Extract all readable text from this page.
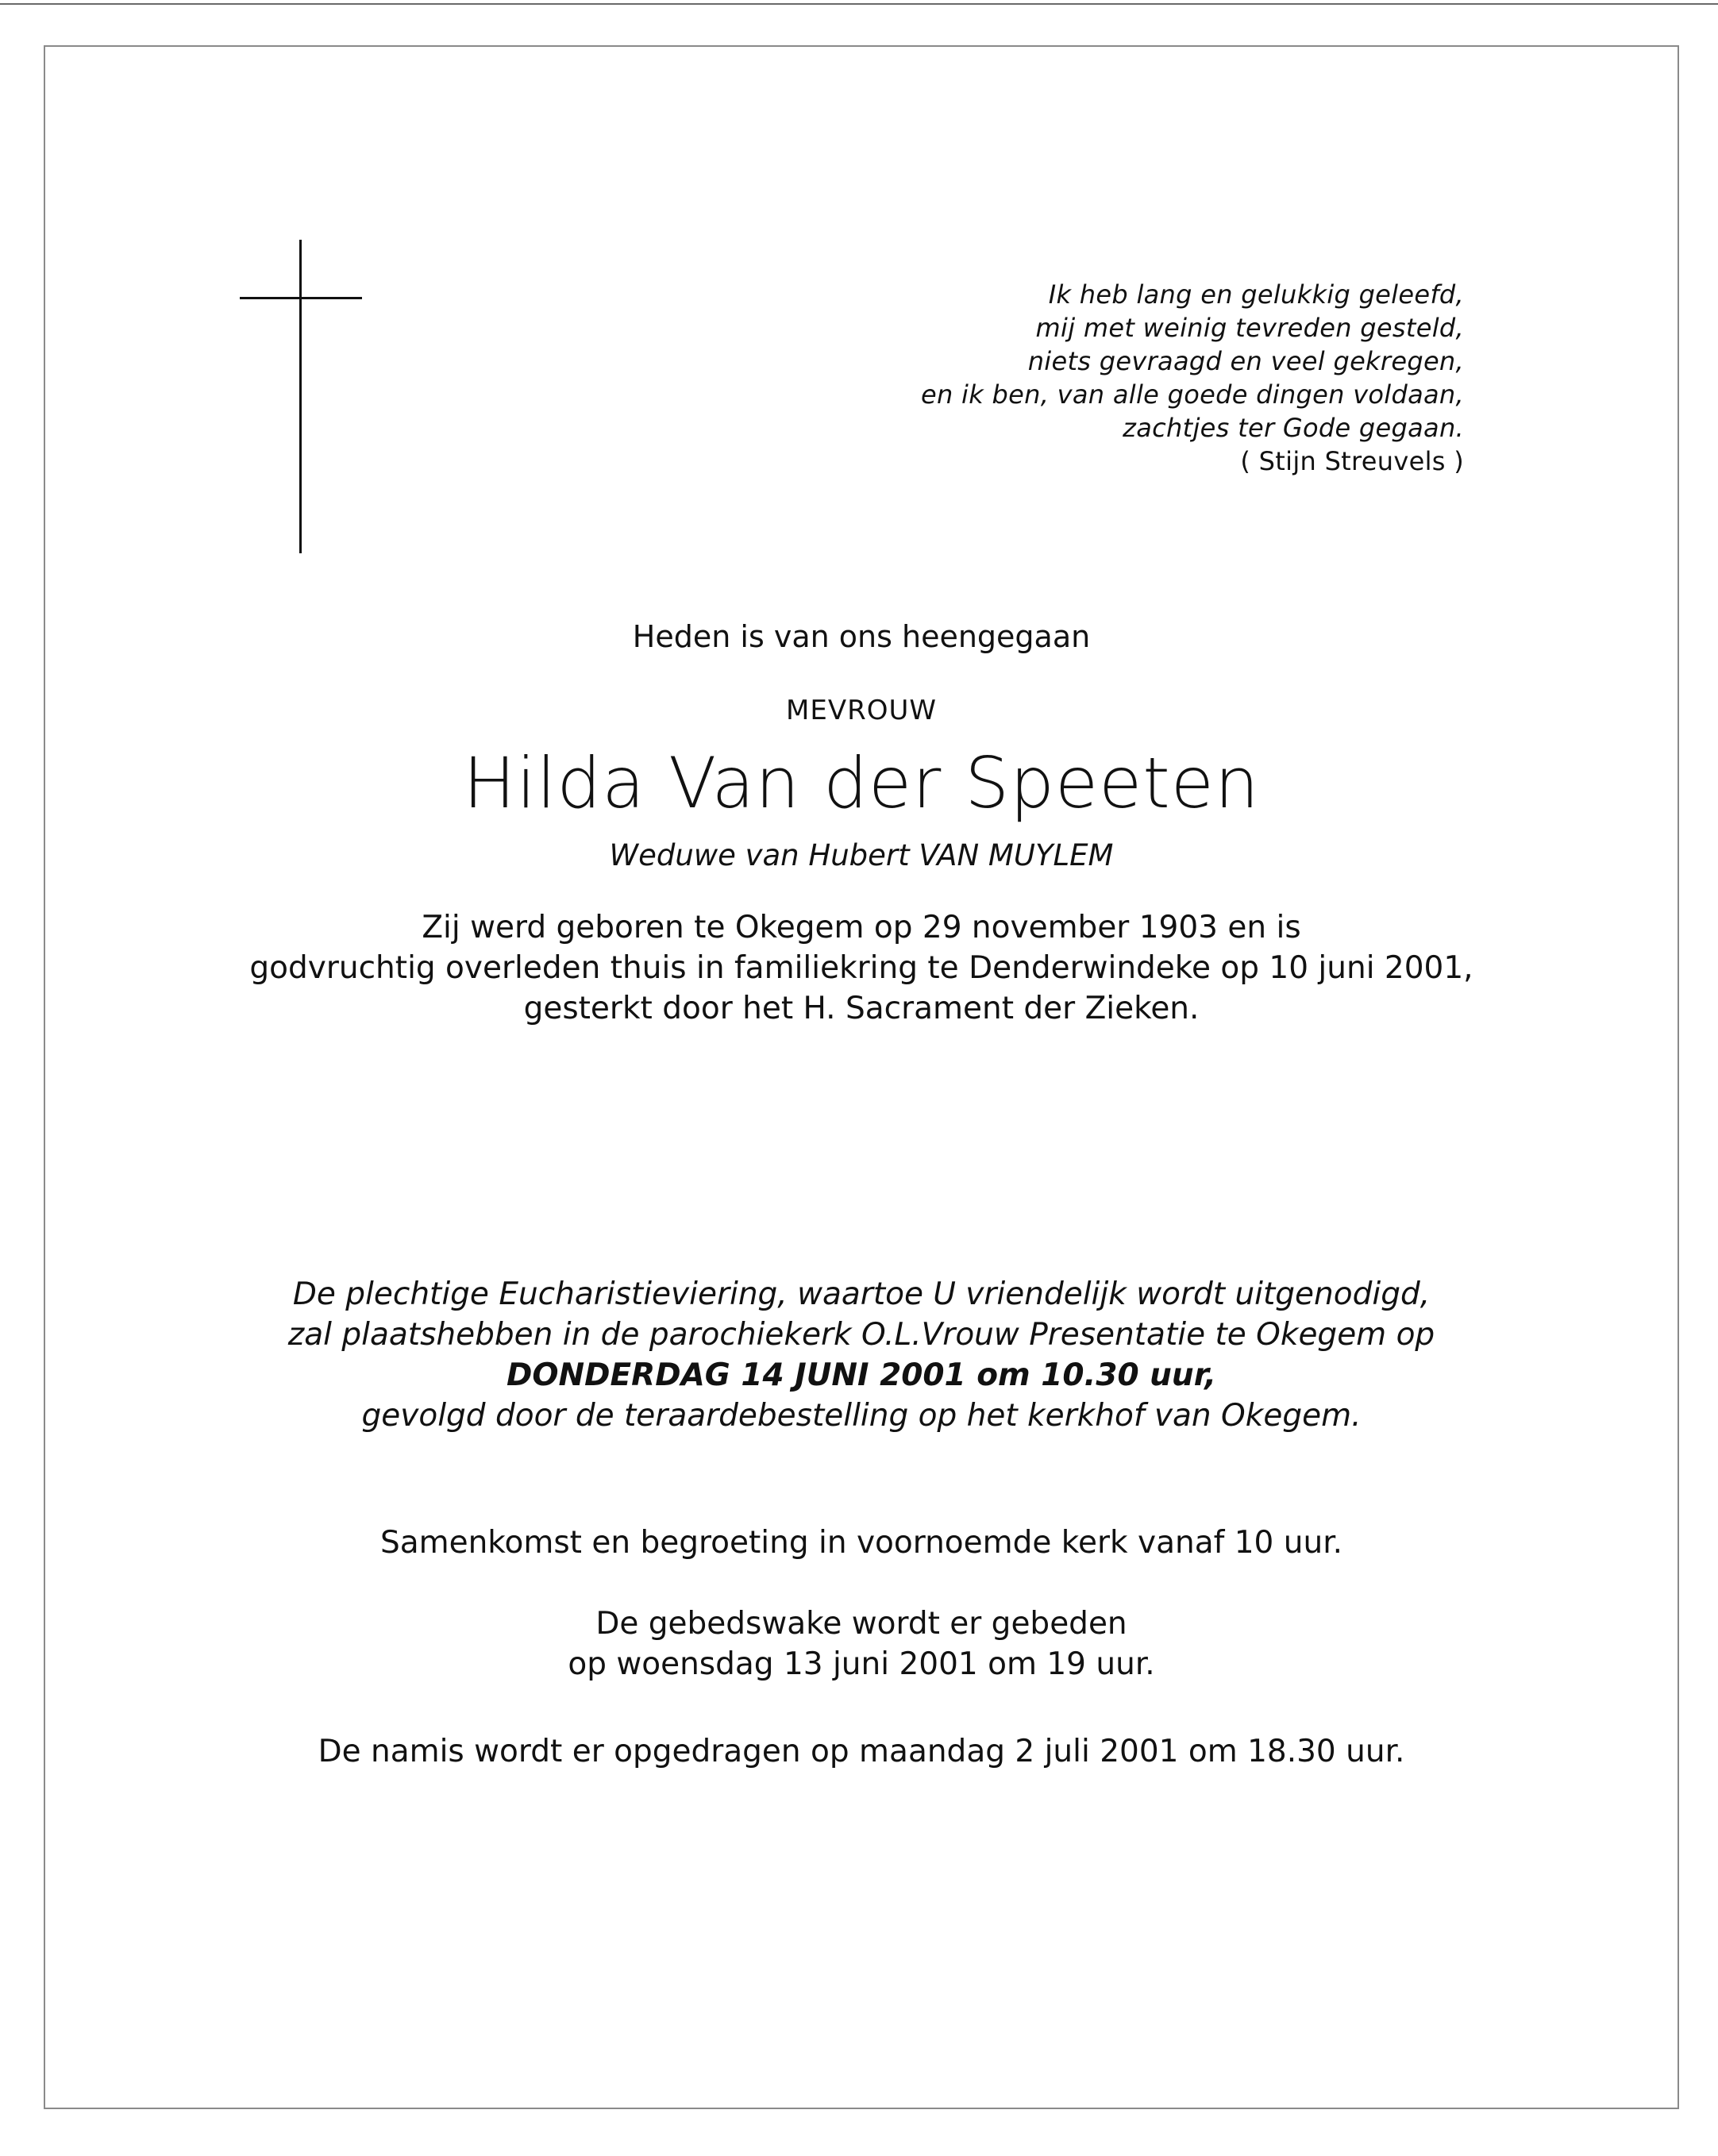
Ik heb lang en gelukkig geleefd,
mij met weinig tevreden gesteld,
niets gevraagd en veel gekregen,
en ik ben, van alle goede dingen voldaan,
zachtjes ter Gode gegaan.
( Stijn Streuvels )
Heden is van ons heengegaan
MEVROUW
Hilda Van der Speeten
Weduwe van Hubert VAN MUYLEM
Zij werd geboren te Okegem op 29 november 1903 en is
godvruchtig overleden thuis in familiekring te Denderwindeke op 10 juni 2001,
gesterkt door het H. Sacrament der Zieken.
De plechtige Eucharistieviering, waartoe U vriendelijk wordt uitgenodigd,
zal plaatshebben in de parochiekerk O.L.Vrouw Presentatie te Okegem op
DONDERDAG 14 JUNI 2001 om 10.30 uur,
gevolgd door de teraardebestelling op het kerkhof van Okegem.
Samenkomst en begroeting in voornoemde kerk vanaf 10 uur.
De gebedswake wordt er gebeden
op woensdag 13 juni 2001 om 19 uur.
De namis wordt er opgedragen op maandag 2 juli 2001 om 18.30 uur.
